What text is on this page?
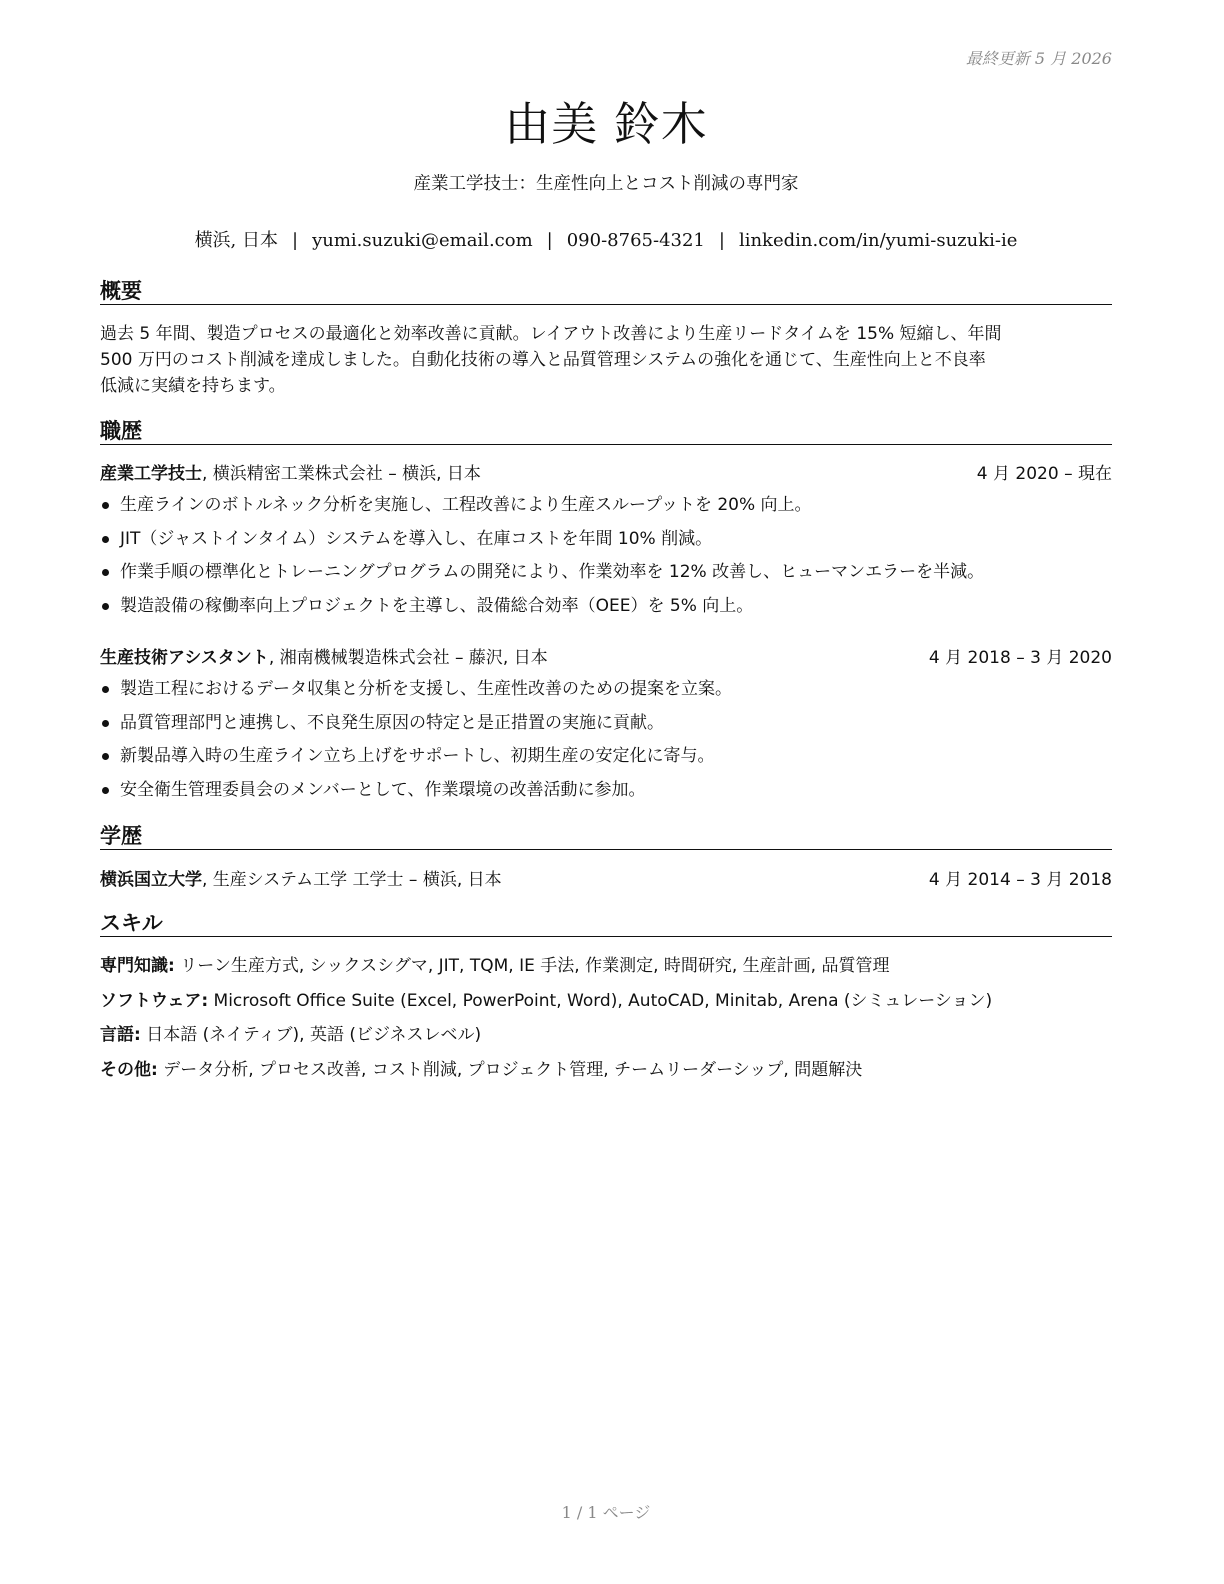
最終更新 5 月 2026
由美 鈴木
産業工学技士：生産性向上とコスト削減の専門家
横浜, 日本 | yumi.suzuki@email.com | 090-8765-4321 | linkedin.com/in/yumi-suzuki-ie
概要
過去 5 年間、製造プロセスの最適化と効率改善に貢献。レイアウト改善により生産リードタイムを 15% 短縮し、年間
500 万円のコスト削減を達成しました。自動化技術の導入と品質管理システムの強化を通じて、生産性向上と不良率
低減に実績を持ちます。
職歴
産業工学技士, 横浜精密工業株式会社 – 横浜, 日本	4 月 2020 – 現在
生産ラインのボトルネック分析を実施し、工程改善により生産スループットを 20% 向上。
JIT（ジャストインタイム）システムを導入し、在庫コストを年間 10% 削減。
作業手順の標準化とトレーニングプログラムの開発により、作業効率を 12% 改善し、ヒューマンエラーを半減。
製造設備の稼働率向上プロジェクトを主導し、設備総合効率（OEE）を 5% 向上。
生産技術アシスタント, 湘南機械製造株式会社 – 藤沢, 日本	4 月 2018 – 3 月 2020
製造工程におけるデータ収集と分析を支援し、生産性改善のための提案を立案。
品質管理部門と連携し、不良発生原因の特定と是正措置の実施に貢献。
新製品導入時の生産ライン立ち上げをサポートし、初期生産の安定化に寄与。
安全衛生管理委員会のメンバーとして、作業環境の改善活動に参加。
学歴
横浜国立大学, 生産システム工学 工学士 – 横浜, 日本	4 月 2014 – 3 月 2018
スキル
専門知識: リーン生産方式, シックスシグマ, JIT, TQM, IE 手法, 作業測定, 時間研究, 生産計画, 品質管理
ソフトウェア: Microsoft Office Suite (Excel, PowerPoint, Word), AutoCAD, Minitab, Arena (シミュレーション)
言語: 日本語 (ネイティブ), 英語 (ビジネスレベル)
その他: データ分析, プロセス改善, コスト削減, プロジェクト管理, チームリーダーシップ, 問題解決
1 / 1 ページ
